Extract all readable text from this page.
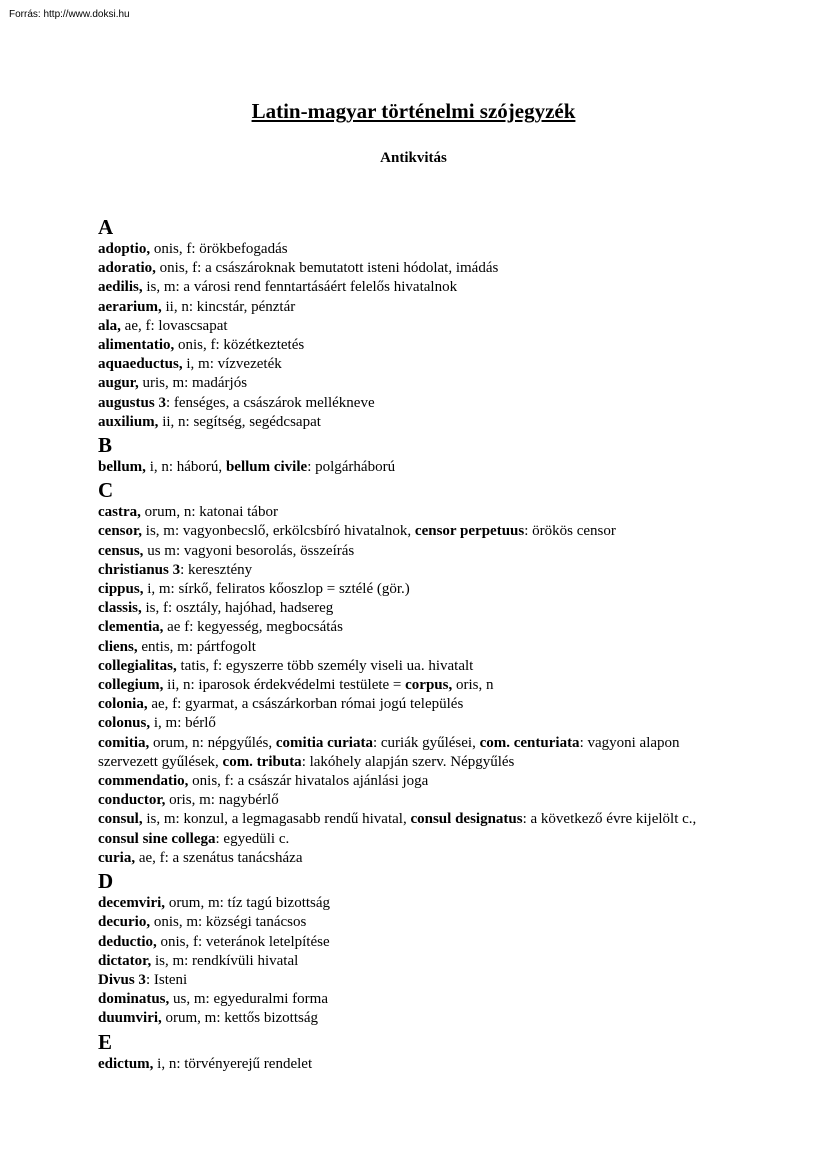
Forrás: http://www.doksi.hu
Latin-magyar történelmi szójegyzék
Antikvitás
A
adoptio, onis, f: örökbefogadás
adoratio, onis, f: a császároknak bemutatott isteni hódolat, imádás
aedilis, is, m: a városi rend fenntartásáért felelős hivatalnok
aerarium, ii, n: kincstár, pénztár
ala, ae, f: lovascsapat
alimentatio, onis, f: közétkeztetés
aquaeductus, i, m: vízvezeték
augur, uris, m: madárjós
augustus 3: fenséges, a császárok mellékneve
auxilium, ii, n: segítség, segédcsapat
B
bellum, i, n: háború, bellum civile: polgárháború
C
castra, orum, n: katonai tábor
censor, is, m: vagyonbecslő, erkölcsbíró hivatalnok, censor perpetuus: örökös censor
census, us m: vagyoni besorolás, összeírás
christianus 3: keresztény
cippus, i, m: sírkő, feliratos kőoszlop = sztélé (gör.)
classis, is, f: osztály, hajóhad, hadsereg
clementia, ae f: kegyesség, megbocsátás
cliens, entis, m: pártfogolt
collegialitas, tatis, f: egyszerre több személy viseli ua. hivatalt
collegium, ii, n: iparosok érdekvédelmi testülete = corpus, oris, n
colonia, ae, f: gyarmat, a császárkorban római jogú település
colonus, i, m: bérlő
comitia, orum, n: népgyűlés, comitia curiata: curiák gyűlései, com. centuriata: vagyoni alapon szervezett gyűlések, com. tributa: lakóhely alapján szerv. Népgyűlés
commendatio, onis, f: a császár hivatalos ajánlási joga
conductor, oris, m: nagybérlő
consul, is, m: konzul, a legmagasabb rendű hivatal, consul designatus: a következő évre kijelölt c., consul sine collega: egyedüli c.
curia, ae, f: a szenátus tanácsháza
D
decemviri, orum, m: tíz tagú bizottság
decurio, onis, m: községi tanácsos
deductio, onis, f: veteránok letelpítése
dictator, is, m: rendkívüli hivatal
Divus 3: Isteni
dominatus, us, m: egyeduralmi forma
duumviri, orum, m: kettős bizottság
E
edictum, i, n: törvényerejű rendelet
